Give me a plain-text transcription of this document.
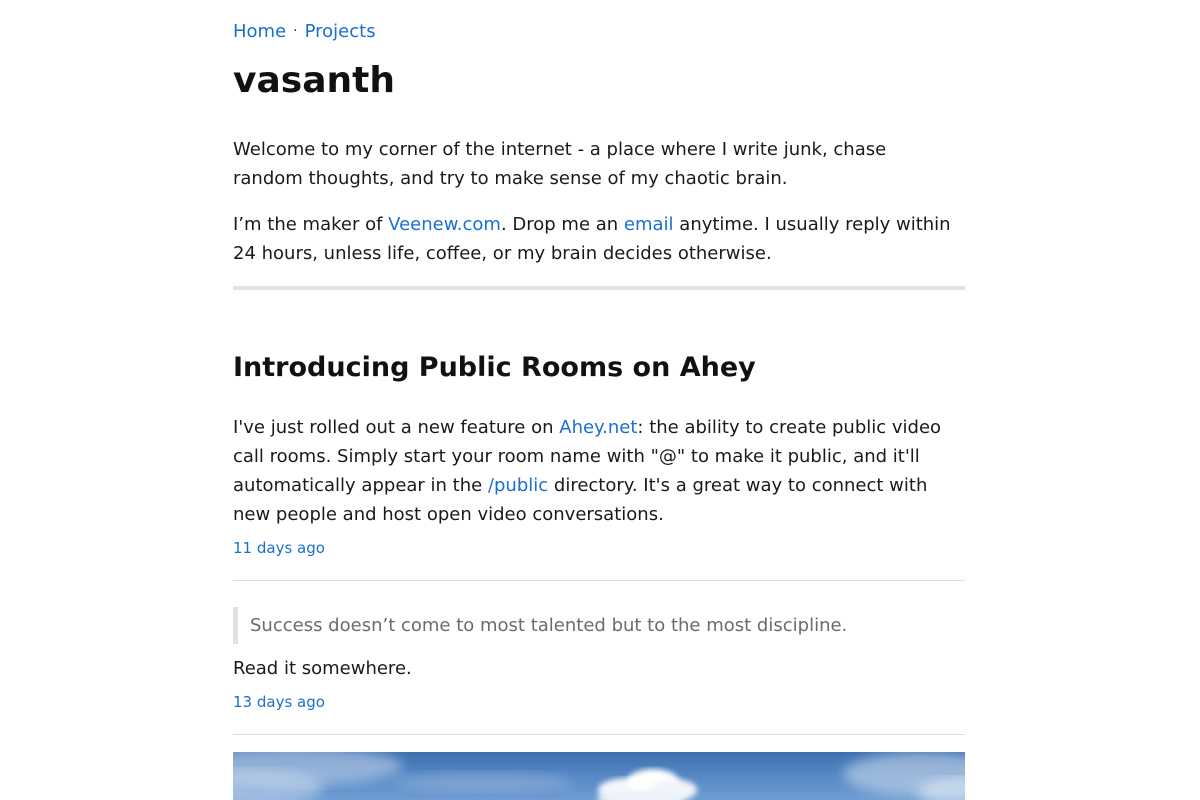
Home · Projects
vasanth

Welcome to my corner of the internet - a place where I write junk, chase random thoughts, and try to make sense of my chaotic brain.

I’m the maker of Veenew.com. Drop me an email anytime. I usually reply within 24 hours, unless life, coffee, or my brain decides otherwise.

Introducing Public Rooms on Ahey

I've just rolled out a new feature on Ahey.net: the ability to create public video call rooms. Simply start your room name with "@" to make it public, and it'll automatically appear in the /public directory. It's a great way to connect with new people and host open video conversations.

11 days ago
Success doesn’t come to most talented but to the most discipline.

Read it somewhere.

13 days ago
